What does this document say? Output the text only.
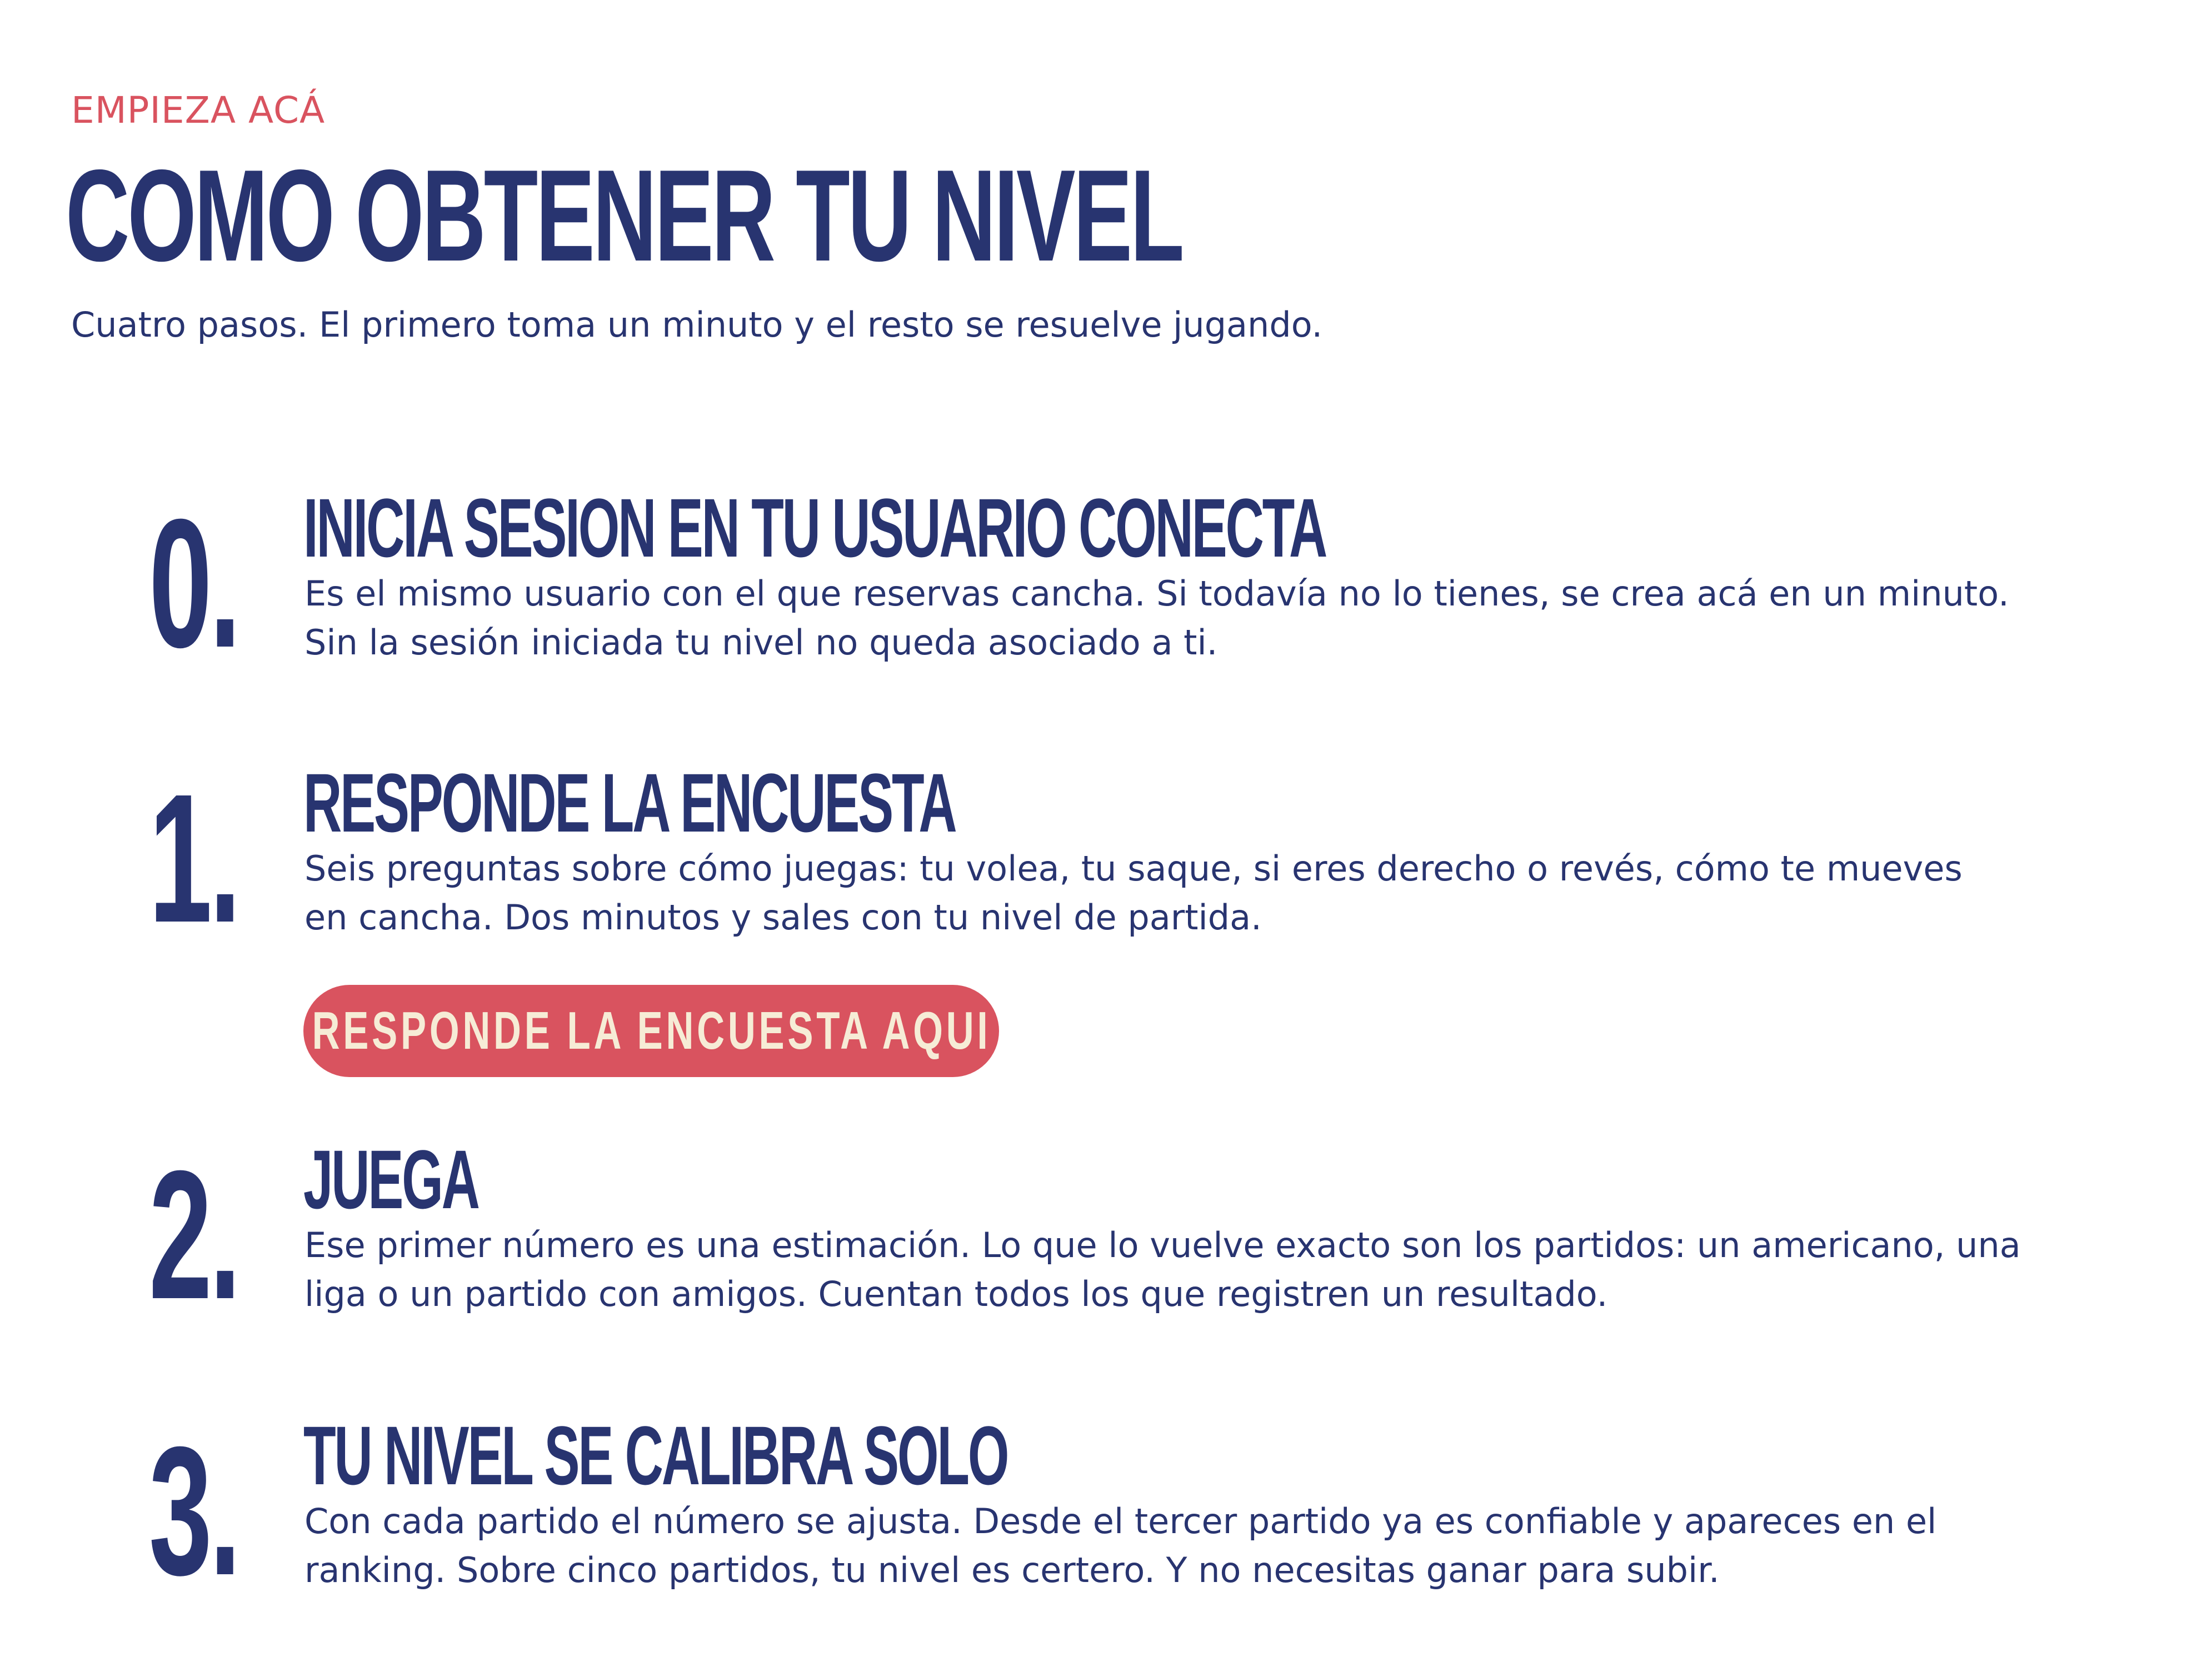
EMPIEZA ACÁ
COMO OBTENER TU NIVEL
Cuatro pasos. El primero toma un minuto y el resto se resuelve jugando.
0. INICIA SESION EN TU USUARIO CONECTA
Es el mismo usuario con el que reservas cancha. Si todavía no lo tienes, se crea acá en un minuto.
Sin la sesión iniciada tu nivel no queda asociado a ti.
1. RESPONDE LA ENCUESTA
Seis preguntas sobre cómo juegas: tu volea, tu saque, si eres derecho o revés, cómo te mueves
en cancha. Dos minutos y sales con tu nivel de partida.
RESPONDE LA ENCUESTA AQUI
2. JUEGA
Ese primer número es una estimación. Lo que lo vuelve exacto son los partidos: un americano, una
liga o un partido con amigos. Cuentan todos los que registren un resultado.
3. TU NIVEL SE CALIBRA SOLO
Con cada partido el número se ajusta. Desde el tercer partido ya es confiable y apareces en el
ranking. Sobre cinco partidos, tu nivel es certero. Y no necesitas ganar para subir.
